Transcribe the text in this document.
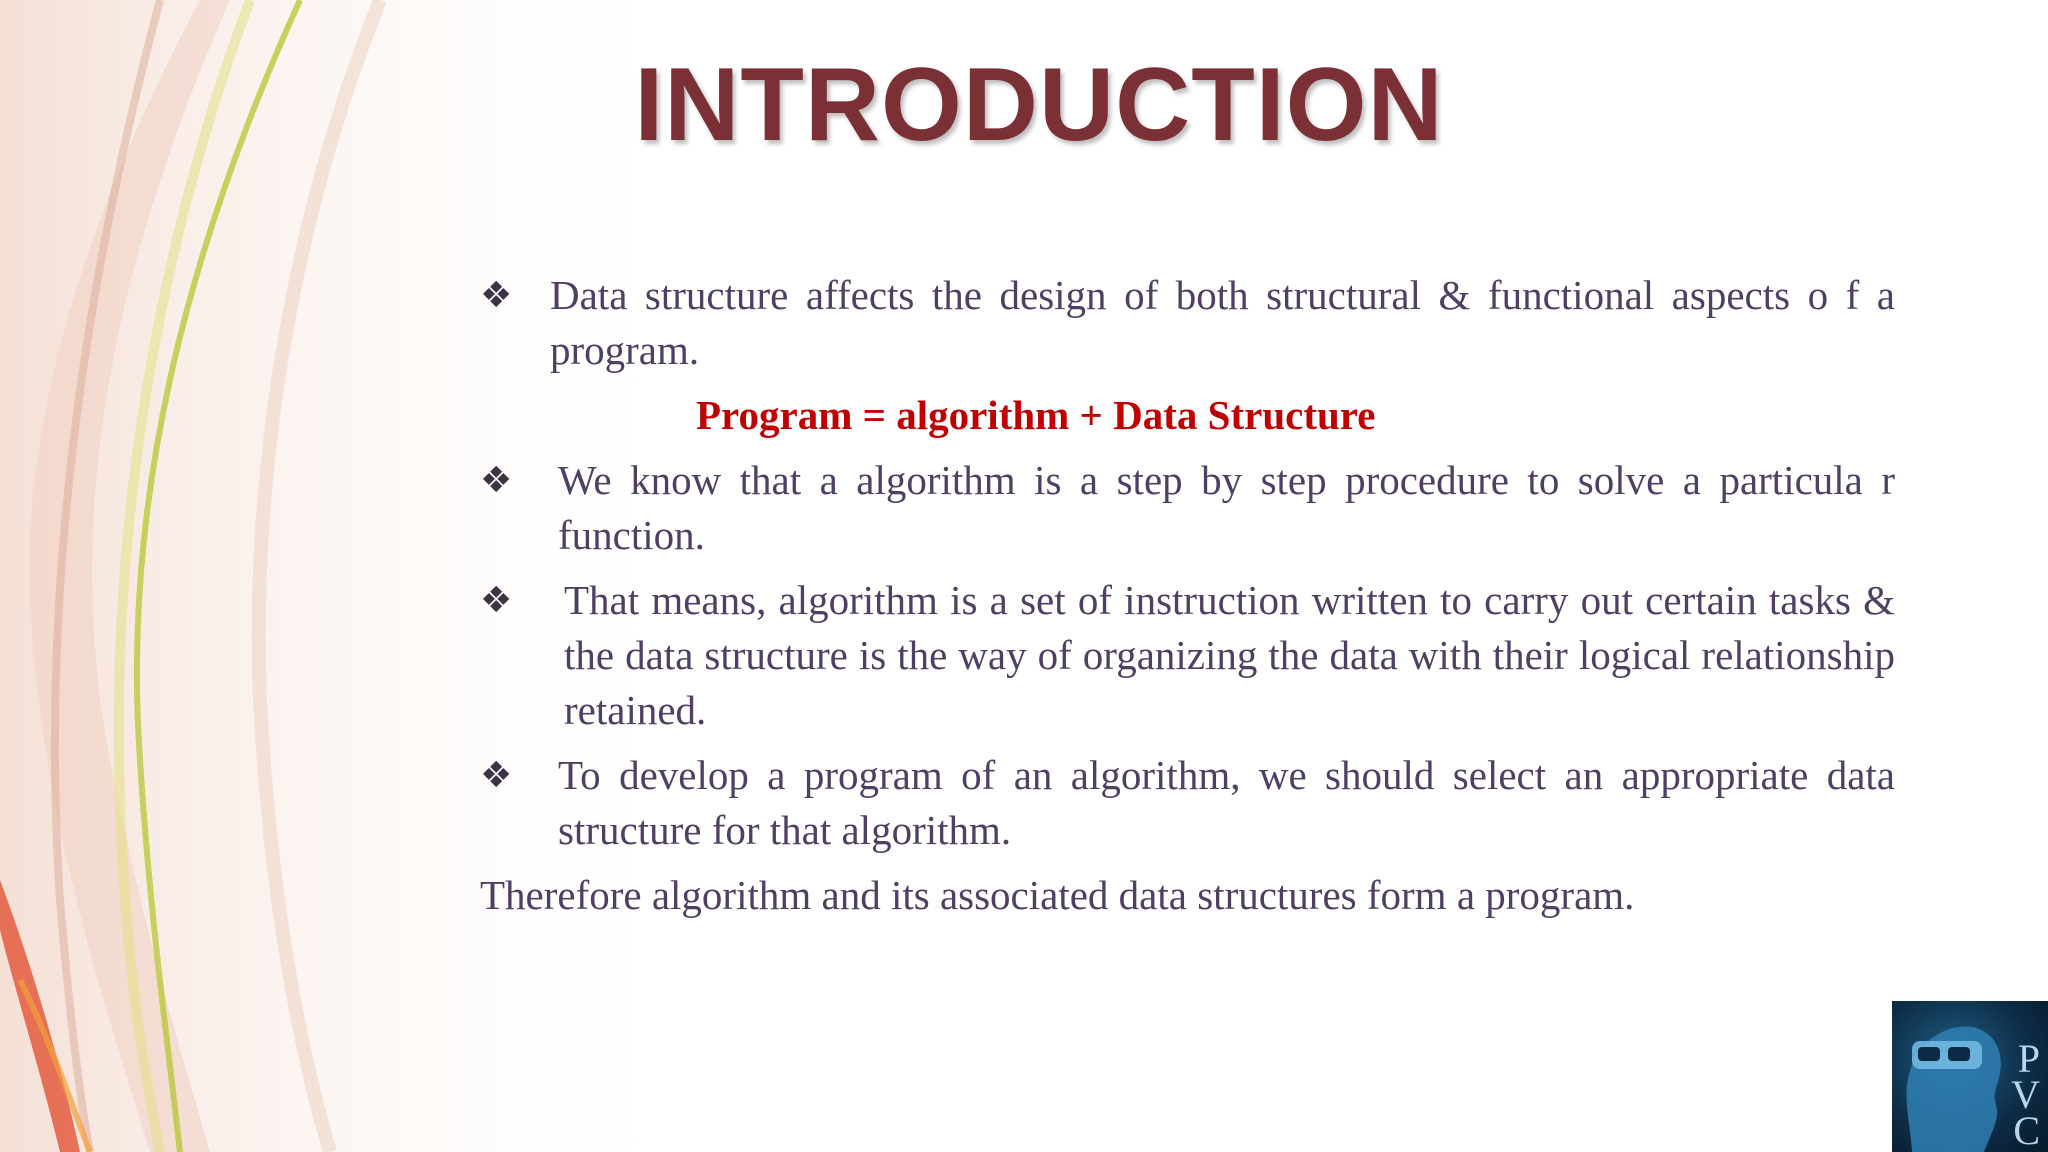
INTRODUCTION
❖ Data structure affects the design of both structural & functional aspects o f a program.
Program = algorithm + Data Structure
❖ We know that a algorithm is a step by step procedure to solve a particula r function.
❖ That means, algorithm is a set of instruction written to carry out certain tasks & the data structure is the way of organizing the data with their logical relationship retained.
❖ To develop a program of an algorithm, we should select an appropriate data structure for that algorithm.
Therefore algorithm and its associated data structures form a program.
P
V
C
